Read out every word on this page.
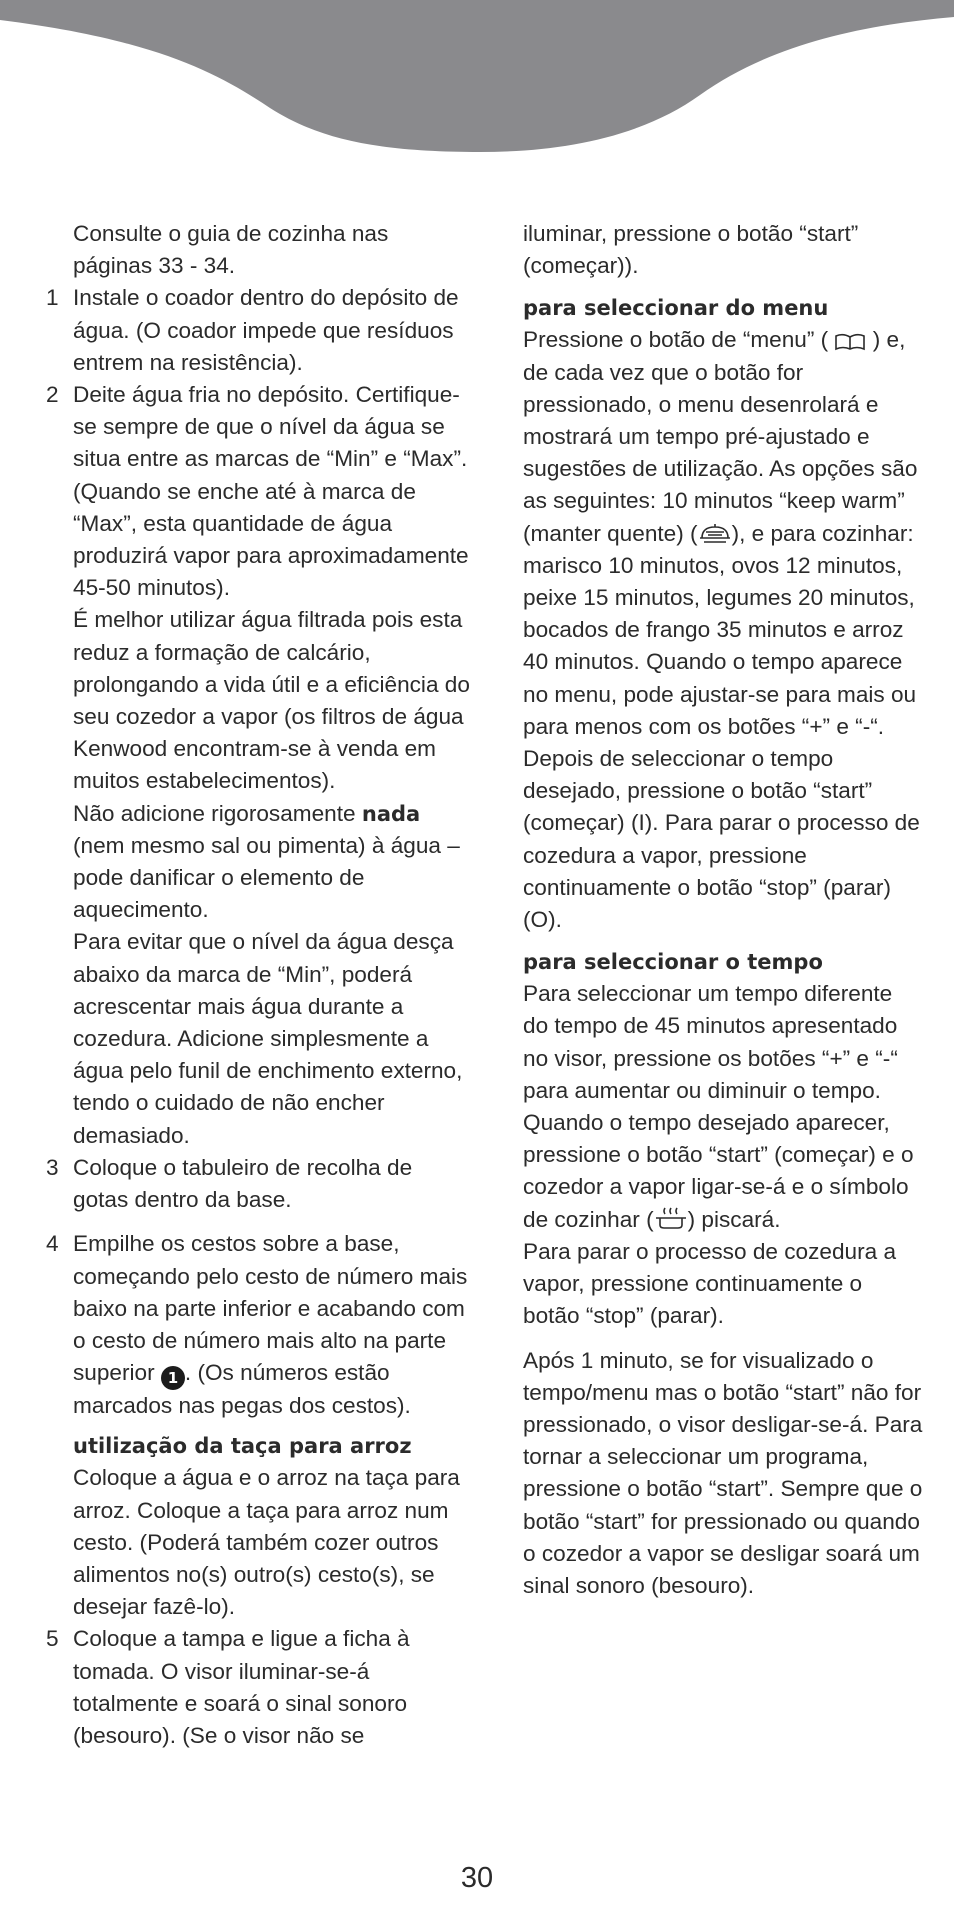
Consulte o guia de cozinha nas páginas 33 - 34.

1 Instale o coador dentro do depósito de água. (O coador impede que resíduos entrem na resistência).

2 Deite água fria no depósito. Certifique-se sempre de que o nível da água se situa entre as marcas de “Min” e “Max”. (Quando se enche até à marca de “Max”, esta quantidade de água produzirá vapor para aproximadamente 45-50 minutos).

É melhor utilizar água filtrada pois esta reduz a formação de calcário, prolongando a vida útil e a eficiência do seu cozedor a vapor (os filtros de água Kenwood encontram-se à venda em muitos estabelecimentos).

Não adicione rigorosamente nada (nem mesmo sal ou pimenta) à água – pode danificar o elemento de aquecimento.

Para evitar que o nível da água desça abaixo da marca de “Min”, poderá acrescentar mais água durante a cozedura. Adicione simplesmente a água pelo funil de enchimento externo, tendo o cuidado de não encher demasiado.

3 Coloque o tabuleiro de recolha de gotas dentro da base.

4 Empilhe os cestos sobre a base, começando pelo cesto de número mais baixo na parte inferior e acabando com o cesto de número mais alto na parte superior 1 . (Os números estão marcados nas pegas dos cestos).

utilização da taça para arroz

Coloque a água e o arroz na taça para arroz. Coloque a taça para arroz num cesto. (Poderá também cozer outros alimentos no(s) outro(s) cesto(s), se desejar fazê-lo).

5 Coloque a tampa e ligue a ficha à tomada. O visor iluminar-se-á totalmente e soará o sinal sonoro (besouro). (Se o visor não se

iluminar, pressione o botão “start” (começar)).

para seleccionar do menu

Pressione o botão de “menu” ( ) e, de cada vez que o botão for pressionado, o menu desenrolará e mostrará um tempo pré-ajustado e sugestões de utilização. As opções são as seguintes: 10 minutos “keep warm” (manter quente) ( ), e para cozinhar: marisco 10 minutos, ovos 12 minutos, peixe 15 minutos, legumes 20 minutos, bocados de frango 35 minutos e arroz 40 minutos. Quando o tempo aparece no menu, pode ajustar-se para mais ou para menos com os botões “+” e “-“. Depois de seleccionar o tempo desejado, pressione o botão “start” (começar) (I). Para parar o processo de cozedura a vapor, pressione continuamente o botão “stop” (parar) (O).

para seleccionar o tempo

Para seleccionar um tempo diferente do tempo de 45 minutos apresentado no visor, pressione os botões “+” e “-“ para aumentar ou diminuir o tempo. Quando o tempo desejado aparecer, pressione o botão “start” (começar) e o cozedor a vapor ligar-se-á e o símbolo de cozinhar ( ) piscará.

Para parar o processo de cozedura a vapor, pressione continuamente o botão “stop” (parar).

Após 1 minuto, se for visualizado o tempo/menu mas o botão “start” não for pressionado, o visor desligar-se-á. Para tornar a seleccionar um programa, pressione o botão “start”. Sempre que o botão “start” for pressionado ou quando o cozedor a vapor se desligar soará um sinal sonoro (besouro).

30
